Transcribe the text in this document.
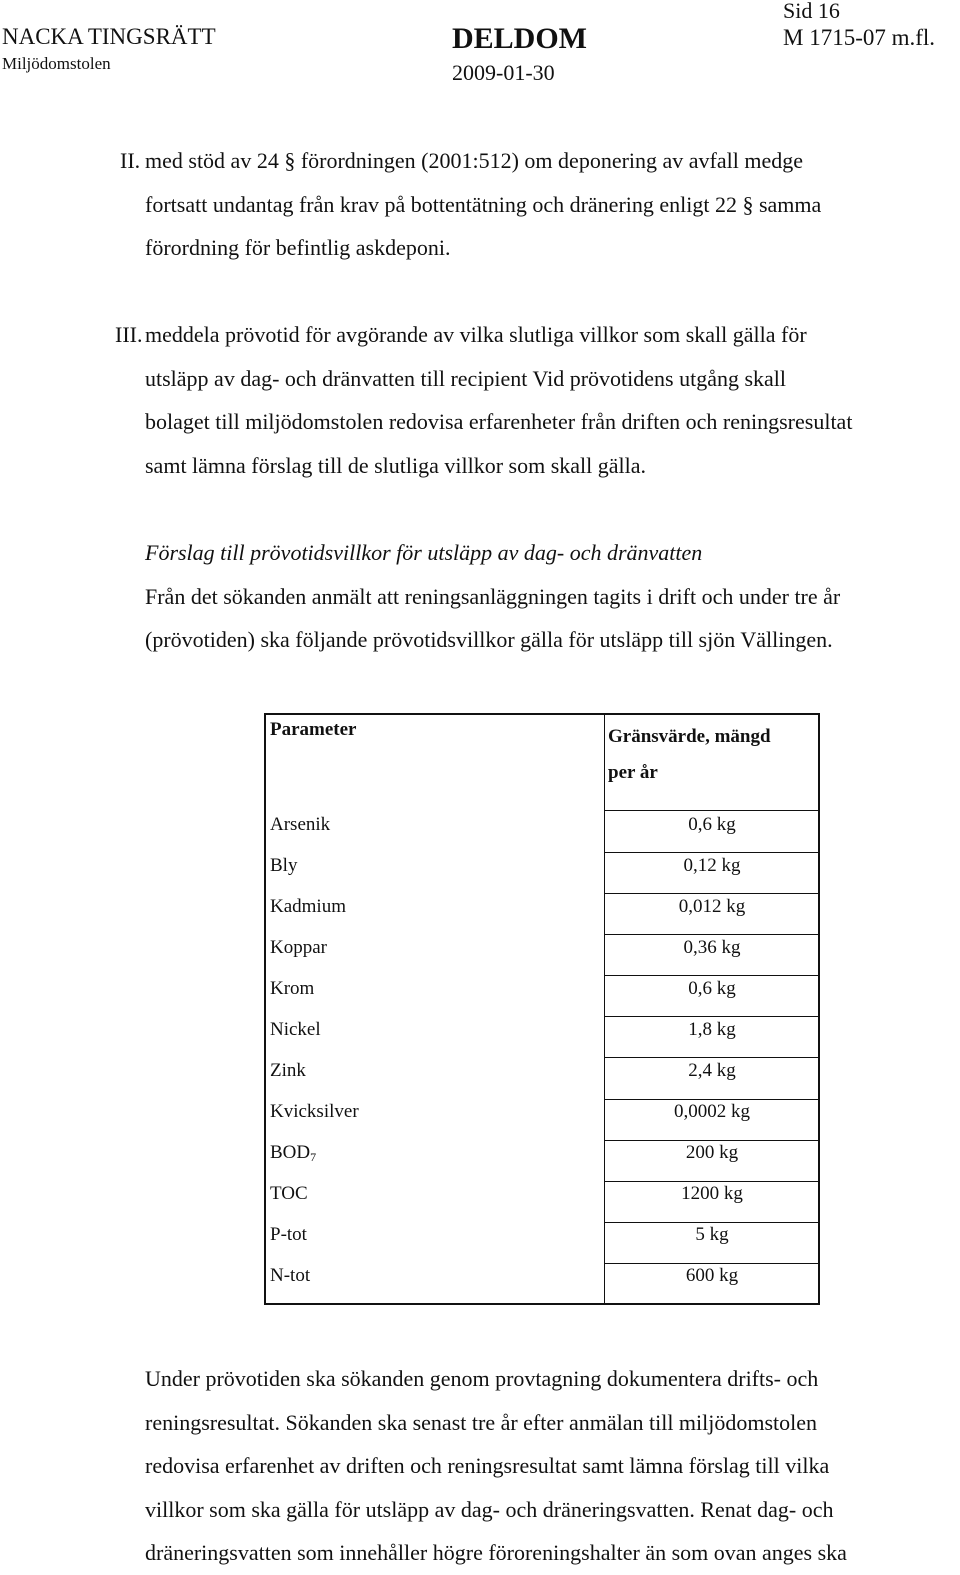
NACKA TINGSRÄTT
Miljödomstolen
DELDOM
2009-01-30
Sid 16
M 1715-07 m.fl.
II. med stöd av 24 § förordningen (2001:512) om deponering av avfall medge
fortsatt undantag från krav på bottentätning och dränering enligt 22 § samma
förordning för befintlig askdeponi.
III. meddela prövotid för avgörande av vilka slutliga villkor som skall gälla för
utsläpp av dag- och dränvatten till recipient Vid prövotidens utgång skall
bolaget till miljödomstolen redovisa erfarenheter från driften och reningsresultat
samt lämna förslag till de slutliga villkor som skall gälla.
Förslag till prövotidsvillkor för utsläpp av dag- och dränvatten
Från det sökanden anmält att reningsanläggningen tagits i drift och under tre år
(prövotiden) ska följande prövotidsvillkor gälla för utsläpp till sjön Vällingen.
Parameter	Gränsvärde, mängd
per år
Arsenik	0,6 kg
Bly	0,12 kg
Kadmium	0,012 kg
Koppar	0,36 kg
Krom	0,6 kg
Nickel	1,8 kg
Zink	2,4 kg
Kvicksilver	0,0002 kg
$BOD_7$	200 kg
TOC	1200 kg
P-tot	5 kg
N-tot	600 kg
Under prövotiden ska sökanden genom provtagning dokumentera drifts- och
reningsresultat. Sökanden ska senast tre år efter anmälan till miljödomstolen
redovisa erfarenhet av driften och reningsresultat samt lämna förslag till vilka
villkor som ska gälla för utsläpp av dag- och dräneringsvatten. Renat dag- och
dräneringsvatten som innehåller högre föroreningshalter än som ovan anges ska
